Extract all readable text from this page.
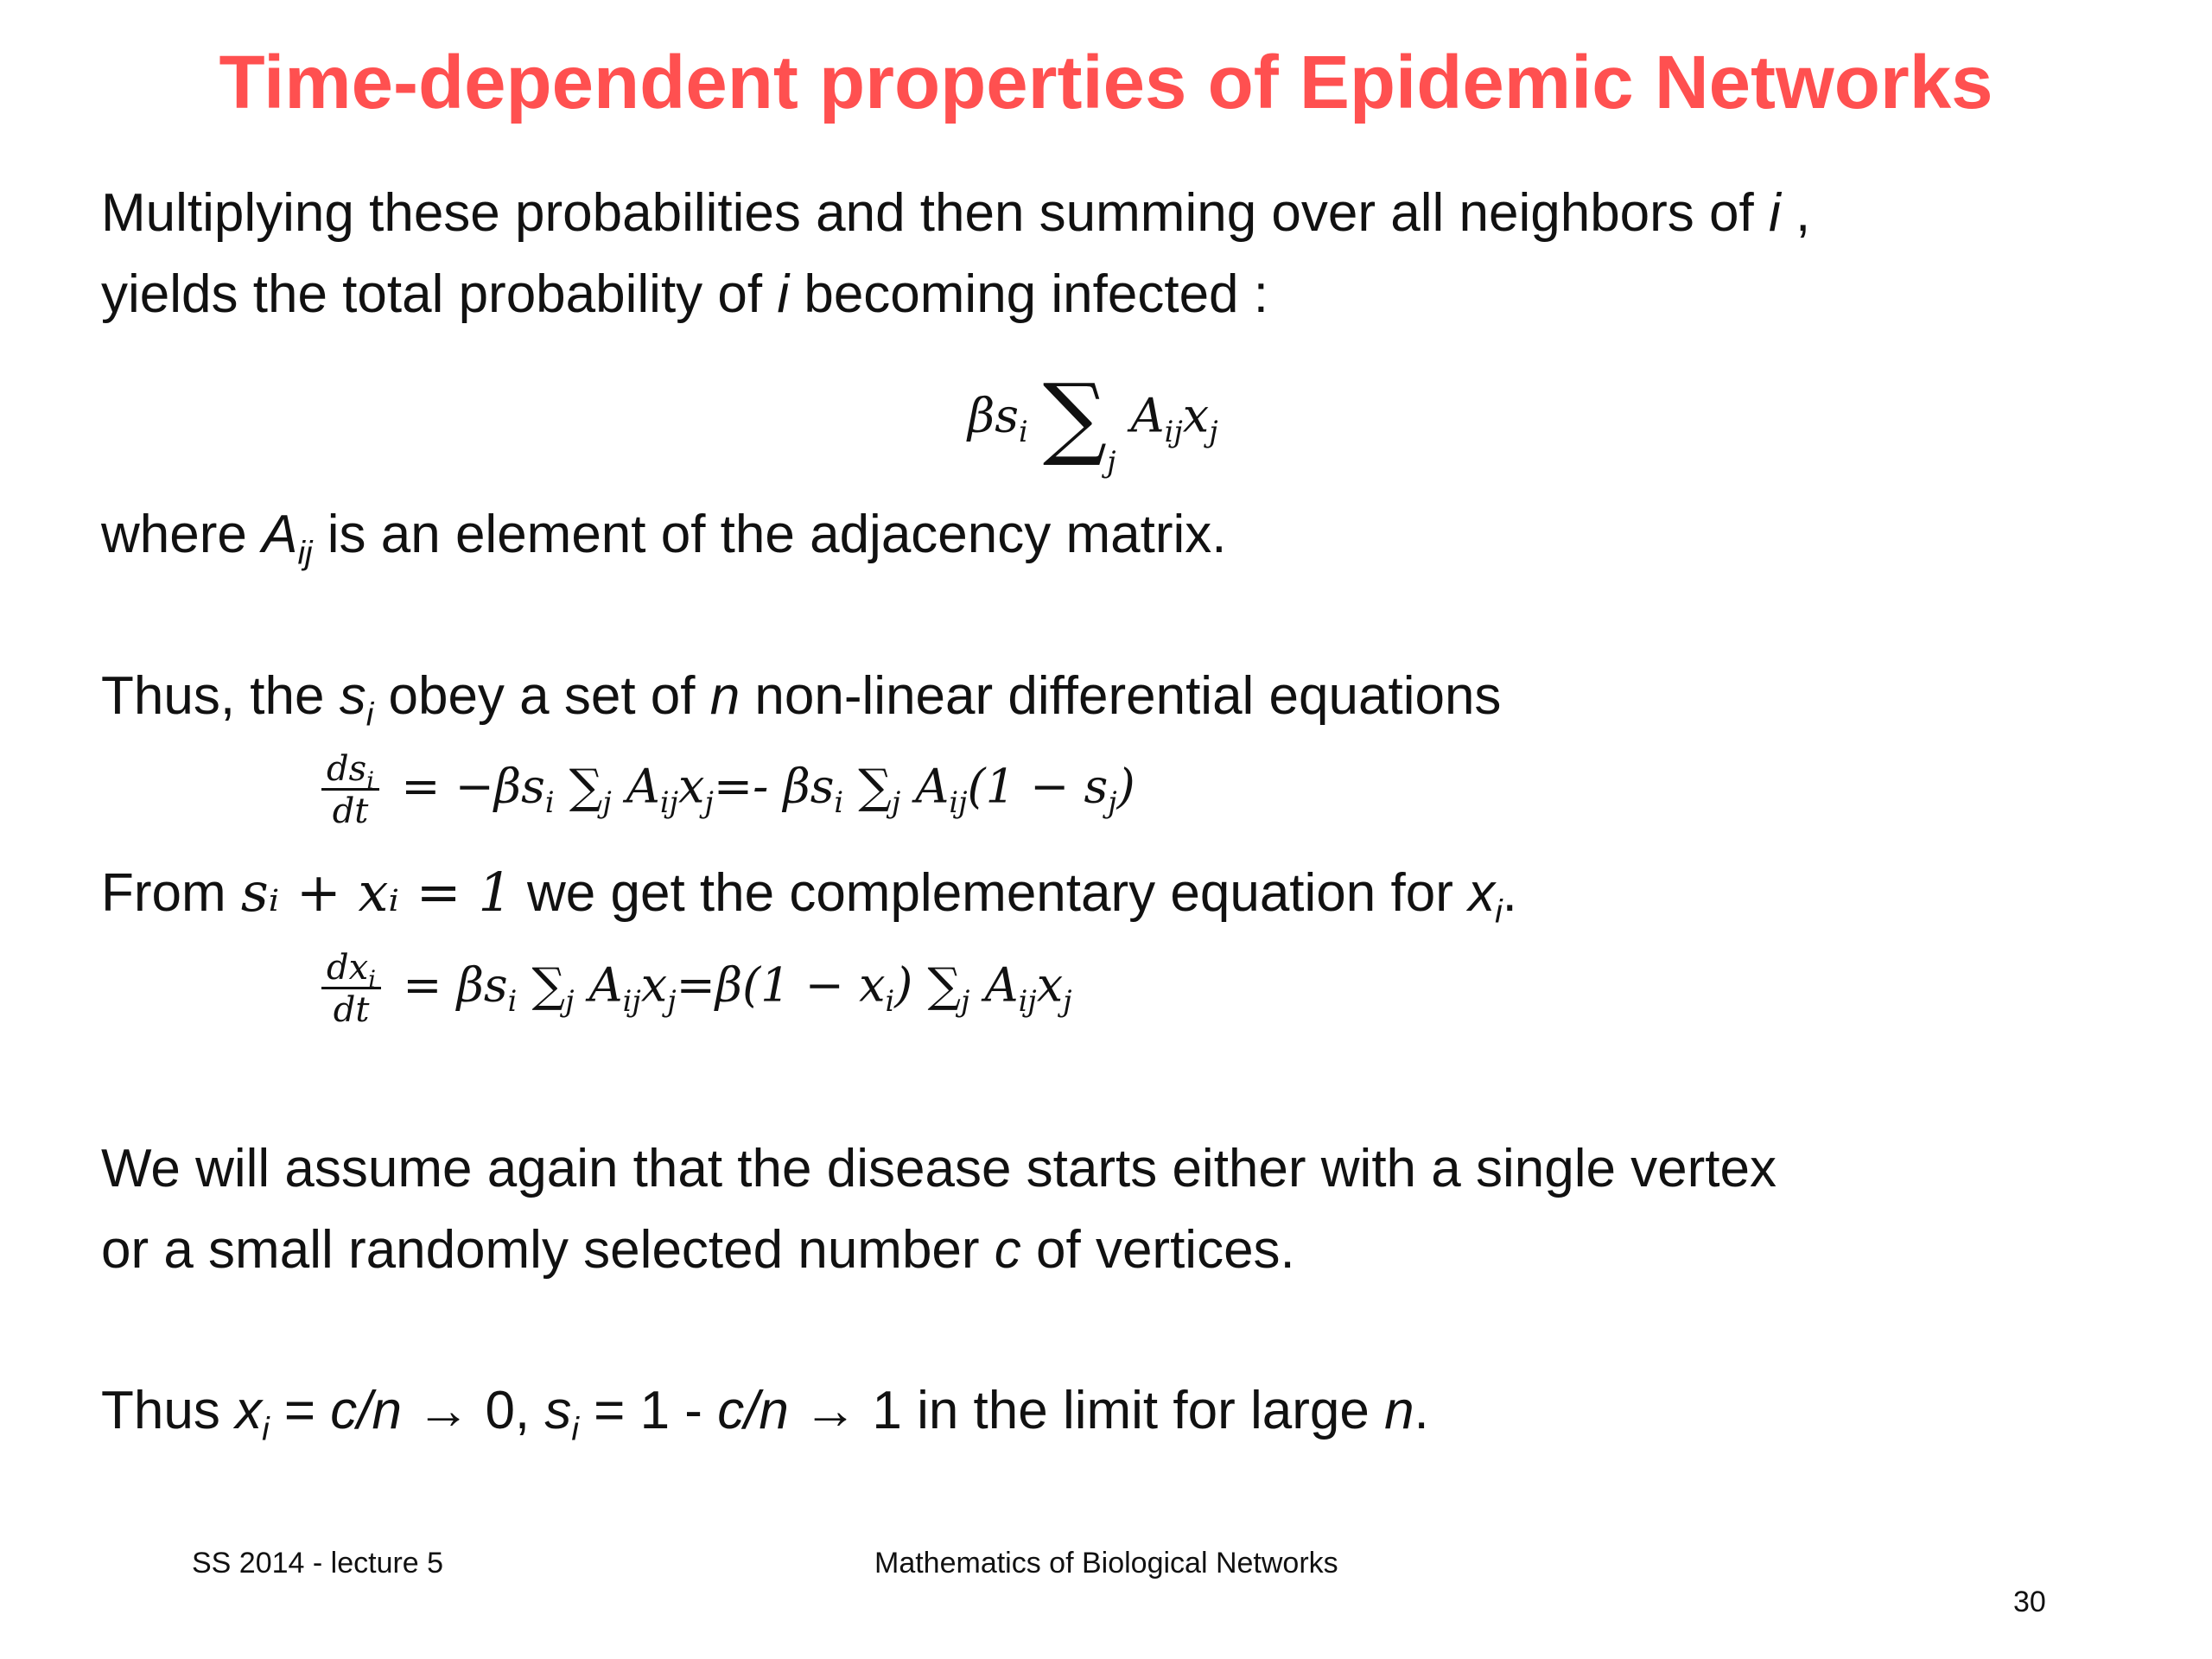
Time-dependent properties of Epidemic Networks
Multiplying these probabilities and then summing over all neighbors of i ,
yields the total probability of i becoming infected :
$\beta s_i$ $\sum_j$ $A_{ij}x_j$
where $A_{ij}$ is an element of the adjacency matrix.
Thus, the $s_i$ obey a set of n non-linear differential equations
$\frac{ds_i}{dt} = -\beta s_i$ $\sum_j$ $A_{ij}x_j=-$ $\beta s_i$ $\sum_j$ $A_{ij}(1 - s_j)$
From sᵢ + xᵢ = 1 we get the complementary equation for $x_i$.
$\frac{dx_i}{dt} = \beta s_i$ $\sum_j$ $A_{ij}x_j=\beta(1 - x_i)$ $\sum_j$ $A_{ij}x_j$
We will assume again that the disease starts either with a single vertex
or a small randomly selected number c of vertices.
Thus $x_i = c/n \to 0$, $s_i = 1 - c/n \to 1$ in the limit for large n.
SS 2014 - lecture 5	Mathematics of Biological Networks
30
